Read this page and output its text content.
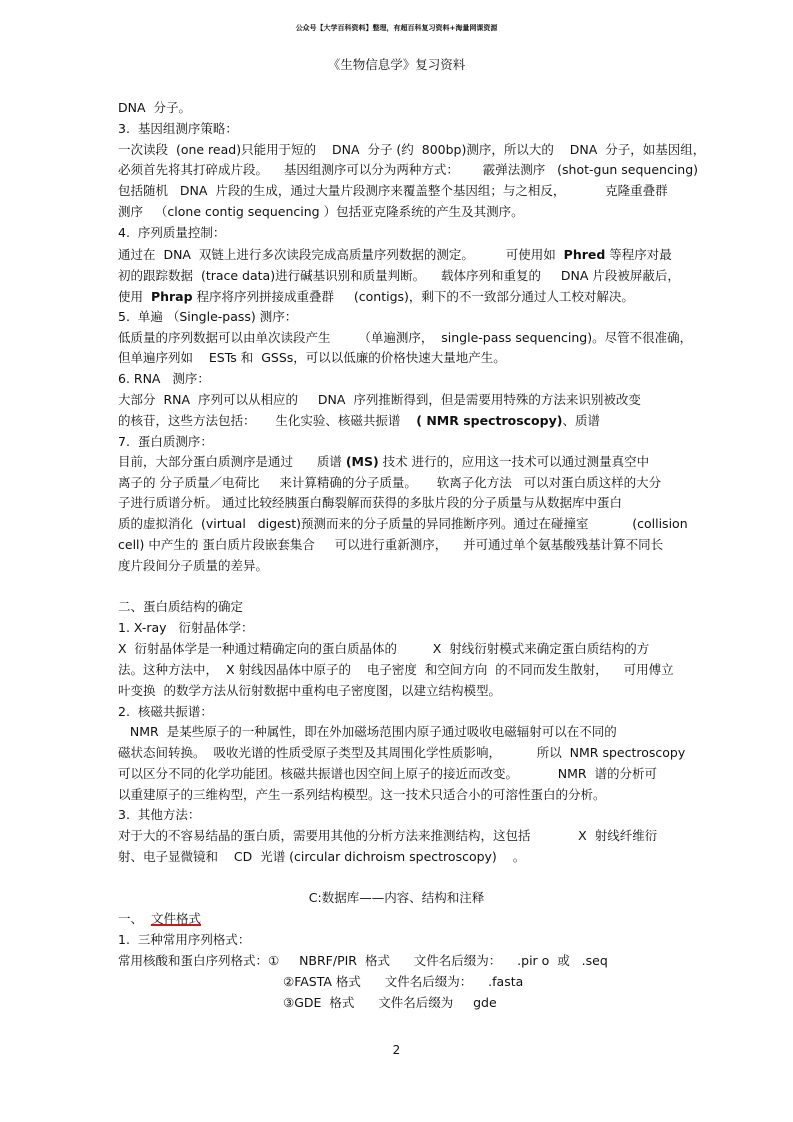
公众号【大学百科资料】整理，有超百科复习资料+海量网课资源
《生物信息学》复习资料
DNA  分子。
3.  基因组测序策略：
一次读段  (one read)只能用于短的    DNA  分子 (约  800bp)测序，所以大的    DNA  分子，如基因组，
必须首先将其打碎成片段。    基因组测序可以分为两种方式：      霰弹法测序   (shot-gun sequencing)
包括随机   DNA  片段的生成，通过大量片段测序来覆盖整个基因组；与之相反，          克隆重叠群
测序   （clone contig sequencing ）包括亚克隆系统的产生及其测序。
4.  序列质量控制：
通过在  DNA  双链上进行多次读段完成高质量序列数据的测定。        可使用如  Phred 等程序对最
初的跟踪数据  (trace data)进行碱基识别和质量判断。    载体序列和重复的     DNA 片段被屏蔽后，
使用  Phrap 程序将序列拼接成重叠群     (contigs)，剩下的不一致部分通过人工校对解决。
5.  单遍 （Single-pass) 测序：
低质量的序列数据可以由单次读段产生       （单遍测序，  single-pass sequencing)。尽管不很准确，
但单遍序列如    ESTs 和  GSSs，可以以低廉的价格快速大量地产生。
6. RNA   测序：
大部分  RNA  序列可以从相应的     DNA  序列推断得到，但是需要用特殊的方法来识别被改变
的核苷，这些方法包括：     生化实验、核磁共振谱    ( NMR spectroscopy)、质谱
7.  蛋白质测序：
目前，大部分蛋白质测序是通过      质谱 (MS) 技术 进行的，应用这一技术可以通过测量真空中
离子的 分子质量／电荷比     来计算精确的分子质量。     软离子化方法   可以对蛋白质这样的大分
子进行质谱分析。 通过比较经胰蛋白酶裂解而获得的多肽片段的分子质量与从数据库中蛋白
质的虚拟消化  (virtual   digest)预测而来的分子质量的异同推断序列。通过在碰撞室           (collision
cell) 中产生的 蛋白质片段嵌套集合     可以进行重新测序，    并可通过单个氨基酸残基计算不同长
度片段间分子质量的差异。
二、蛋白质结构的确定
1. X-ray   衍射晶体学：
X  衍射晶体学是一种通过精确定向的蛋白质晶体的         X  射线衍射模式来确定蛋白质结构的方
法。这种方法中，  X 射线因晶体中原子的    电子密度  和空间方向  的不同而发生散射，    可用傅立
叶变换  的数学方法从衍射数据中重构电子密度图，以建立结构模型。
2.  核磁共振谱：
NMR  是某些原子的一种属性，即在外加磁场范围内原子通过吸收电磁辐射可以在不同的
磁状态间转换。  吸收光谱的性质受原子类型及其周围化学性质影响，         所以  NMR spectroscopy
可以区分不同的化学功能团。核磁共振谱也因空间上原子的接近而改变。          NMR  谱的分析可
以重建原子的三维构型，产生一系列结构模型。这一技术只适合小的可溶性蛋白的分析。
3.  其他方法：
对于大的不容易结晶的蛋白质，需要用其他的分析方法来推测结构，这包括            X  射线纤维衍
射、电子显微镜和    CD  光谱 (circular dichroism spectroscopy)    。
C:数据库——内容、结构和注释
一、  文件格式
1.  三种常用序列格式：
常用核酸和蛋白序列格式：①     NBRF/PIR  格式      文件名后缀为：    .pir o  或   .seq
②FASTA 格式      文件名后缀为：    .fasta
③GDE  格式      文件名后缀为     gde
2
